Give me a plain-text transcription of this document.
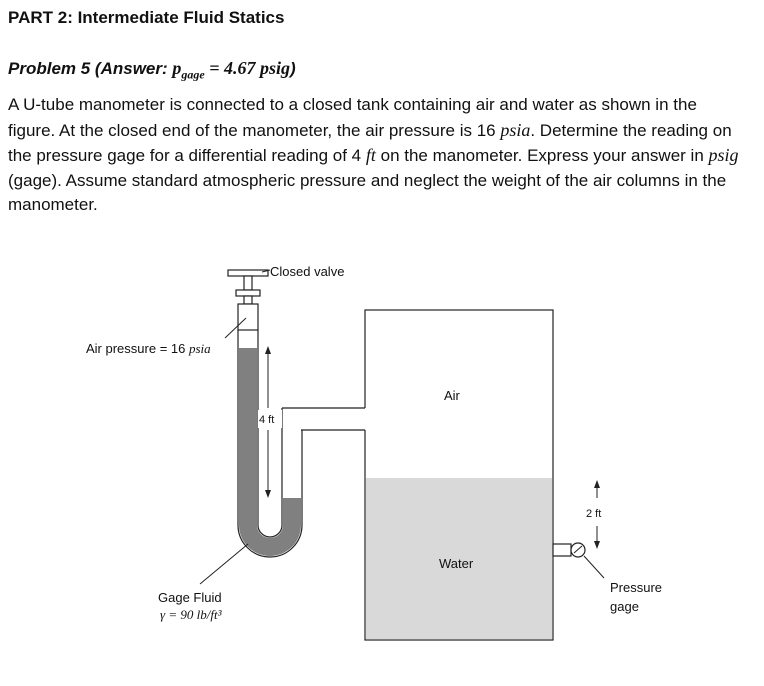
PART 2: Intermediate Fluid Statics
Problem 5 (Answer: $p_{gage} = 4.67$ psig)
A U-tube manometer is connected to a closed tank containing air and water as shown in the figure. At the closed end of the manometer, the air pressure is 16 psia. Determine the reading on the pressure gage for a differential reading of 4 ft on the manometer. Express your answer in psig (gage). Assume standard atmospheric pressure and neglect the weight of the air columns in the manometer.
Closed valve
Air pressure = 16 psia
4 ft
Air
Water
2 ft
Pressure
gage
Gage Fluid
γ = 90 lb/ft³
